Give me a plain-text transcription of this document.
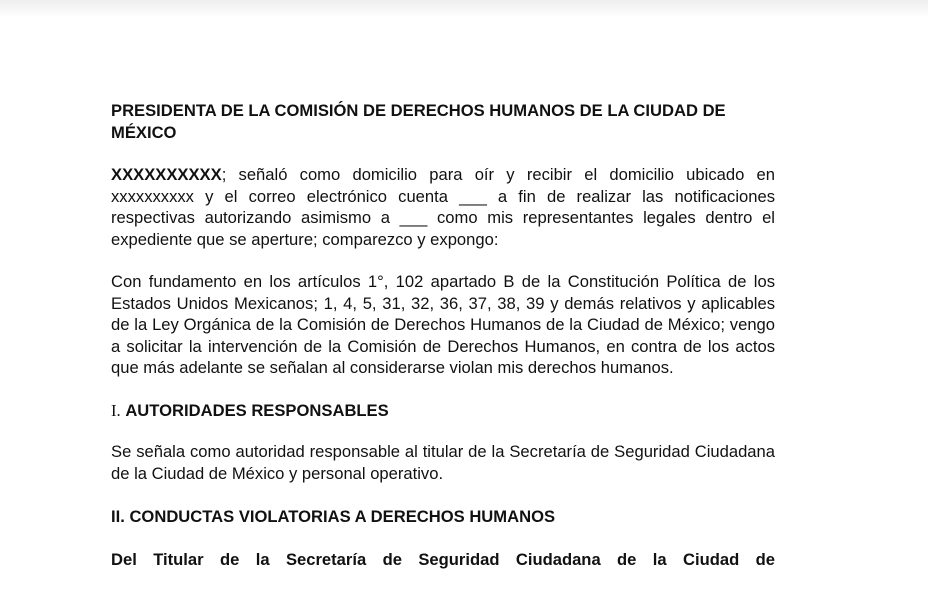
PRESIDENTA DE LA COMISIÓN DE DERECHOS HUMANOS DE LA CIUDAD DE MÉXICO

XXXXXXXXXX; señaló como domicilio para oír y recibir el domicilio ubicado en xxxxxxxxxx y el correo electrónico cuenta ___ a fin de realizar las notificaciones respectivas autorizando asimismo a ___ como mis representantes legales dentro el expediente que se aperture; comparezco y expongo:

Con fundamento en los artículos 1°, 102 apartado B de la Constitución Política de los Estados Unidos Mexicanos; 1, 4, 5, 31, 32, 36, 37, 38, 39 y demás relativos y aplicables de la Ley Orgánica de la Comisión de Derechos Humanos de la Ciudad de México; vengo a solicitar la intervención de la Comisión de Derechos Humanos, en contra de los actos que más adelante se señalan al considerarse violan mis derechos humanos.

I. AUTORIDADES RESPONSABLES

Se señala como autoridad responsable al titular de la Secretaría de Seguridad Ciudadana de la Ciudad de México y personal operativo.

II. CONDUCTAS VIOLATORIAS A DERECHOS HUMANOS

Del Titular de la Secretaría de Seguridad Ciudadana de la Ciudad de
